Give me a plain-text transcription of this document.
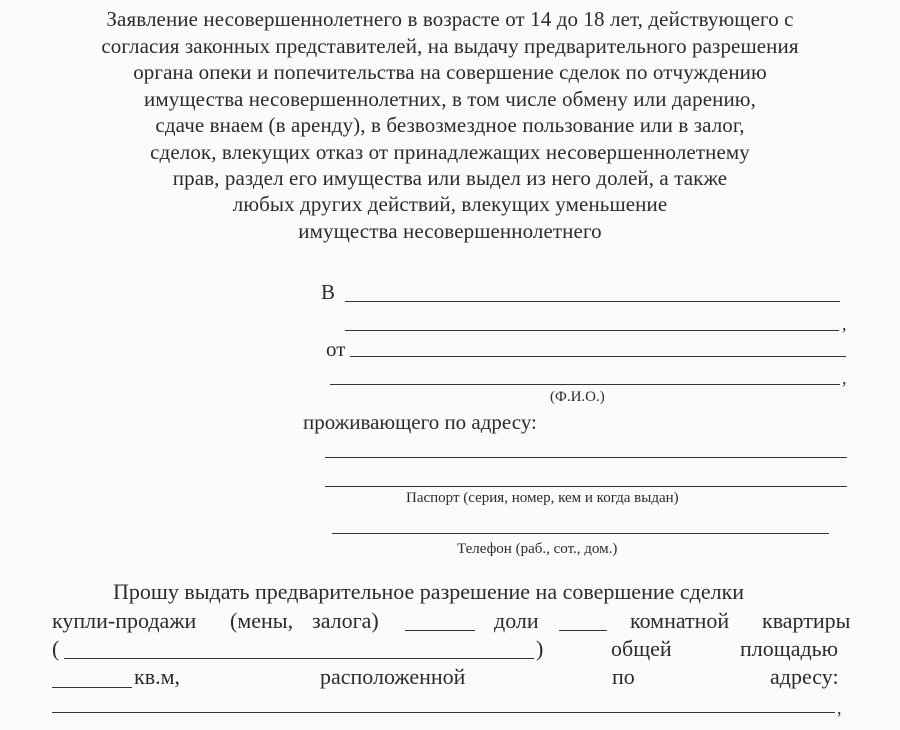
Заявление несовершеннолетнего в возрасте от 14 до 18 лет, действующего с
согласия законных представителей, на выдачу предварительного разрешения
органа опеки и попечительства на совершение сделок по отчуждению
имущества несовершеннолетних, в том числе обмену или дарению,
сдаче внаем (в аренду), в безвозмездное пользование или в залог,
сделок, влекущих отказ от принадлежащих несовершеннолетнему
прав, раздел его имущества или выдел из него долей, а также
любых других действий, влекущих уменьшение
имущества несовершеннолетнего
В
,
от
,
(Ф.И.О.)
проживающего по адресу:
Паспорт (серия, номер, кем и когда выдан)
Телефон (раб., сот., дом.)
Прошу выдать предварительное разрешение на совершение сделки
купли-продажи (мены, залога)	доли	комнатной квартиры
(	)	общей	площадью
кв.м,	расположенной	по	адресу:
,
